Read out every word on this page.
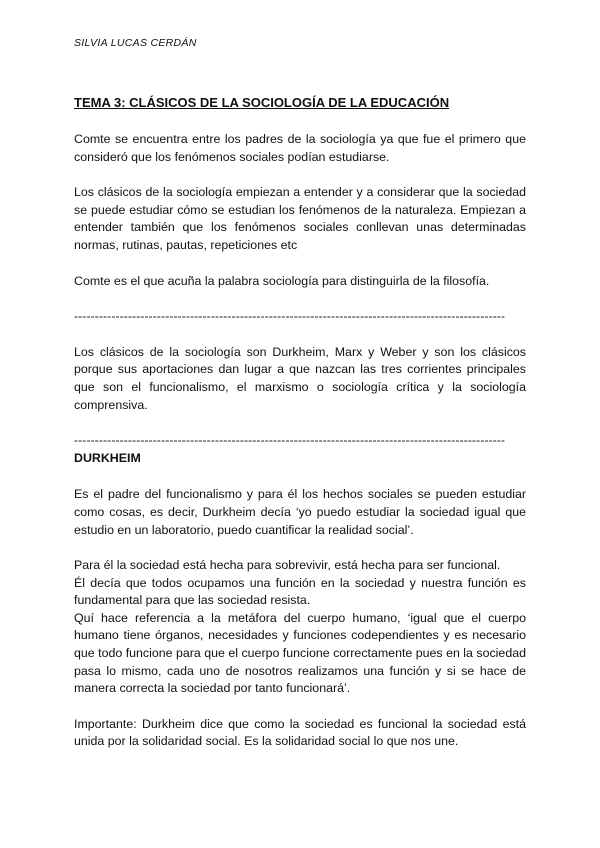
SILVIA LUCAS CERDÁN
TEMA 3: CLÁSICOS DE LA SOCIOLOGÍA DE LA EDUCACIÓN

Comte se encuentra entre los padres de la sociología ya que fue el primero que consideró que los fenómenos sociales podían estudiarse.

Los clásicos de la sociología empiezan a entender y a considerar que la sociedad se puede estudiar cómo se estudian los fenómenos de la naturaleza. Empiezan a entender también que los fenómenos sociales conllevan unas determinadas normas, rutinas, pautas, repeticiones etc

Comte es el que acuña la palabra sociología para distinguirla de la filosofía.

--------------------------------------------------------------------------------------------------------

Los clásicos de la sociología son Durkheim, Marx y Weber y son los clásicos porque sus aportaciones dan lugar a que nazcan las tres corrientes principales que son el funcionalismo, el marxismo o sociología crítica y la sociología comprensiva.

--------------------------------------------------------------------------------------------------------
DURKHEIM

Es el padre del funcionalismo y para él los hechos sociales se pueden estudiar como cosas, es decir, Durkheim decía ‘yo puedo estudiar la sociedad igual que estudio en un laboratorio, puedo cuantificar la realidad social’.

Para él la sociedad está hecha para sobrevivir, está hecha para ser funcional.

Él decía que todos ocupamos una función en la sociedad y nuestra función es fundamental para que las sociedad resista.

Quí hace referencia a la metáfora del cuerpo humano, ‘igual que el cuerpo humano tiene órganos, necesidades y funciones codependientes y es necesario que todo funcione para que el cuerpo funcione correctamente pues en la sociedad pasa lo mismo, cada uno de nosotros realizamos una función y si se hace de manera correcta la sociedad por tanto funcionará’.

Importante: Durkheim dice que como la sociedad es funcional la sociedad está unida por la solidaridad social. Es la solidaridad social lo que nos une.
